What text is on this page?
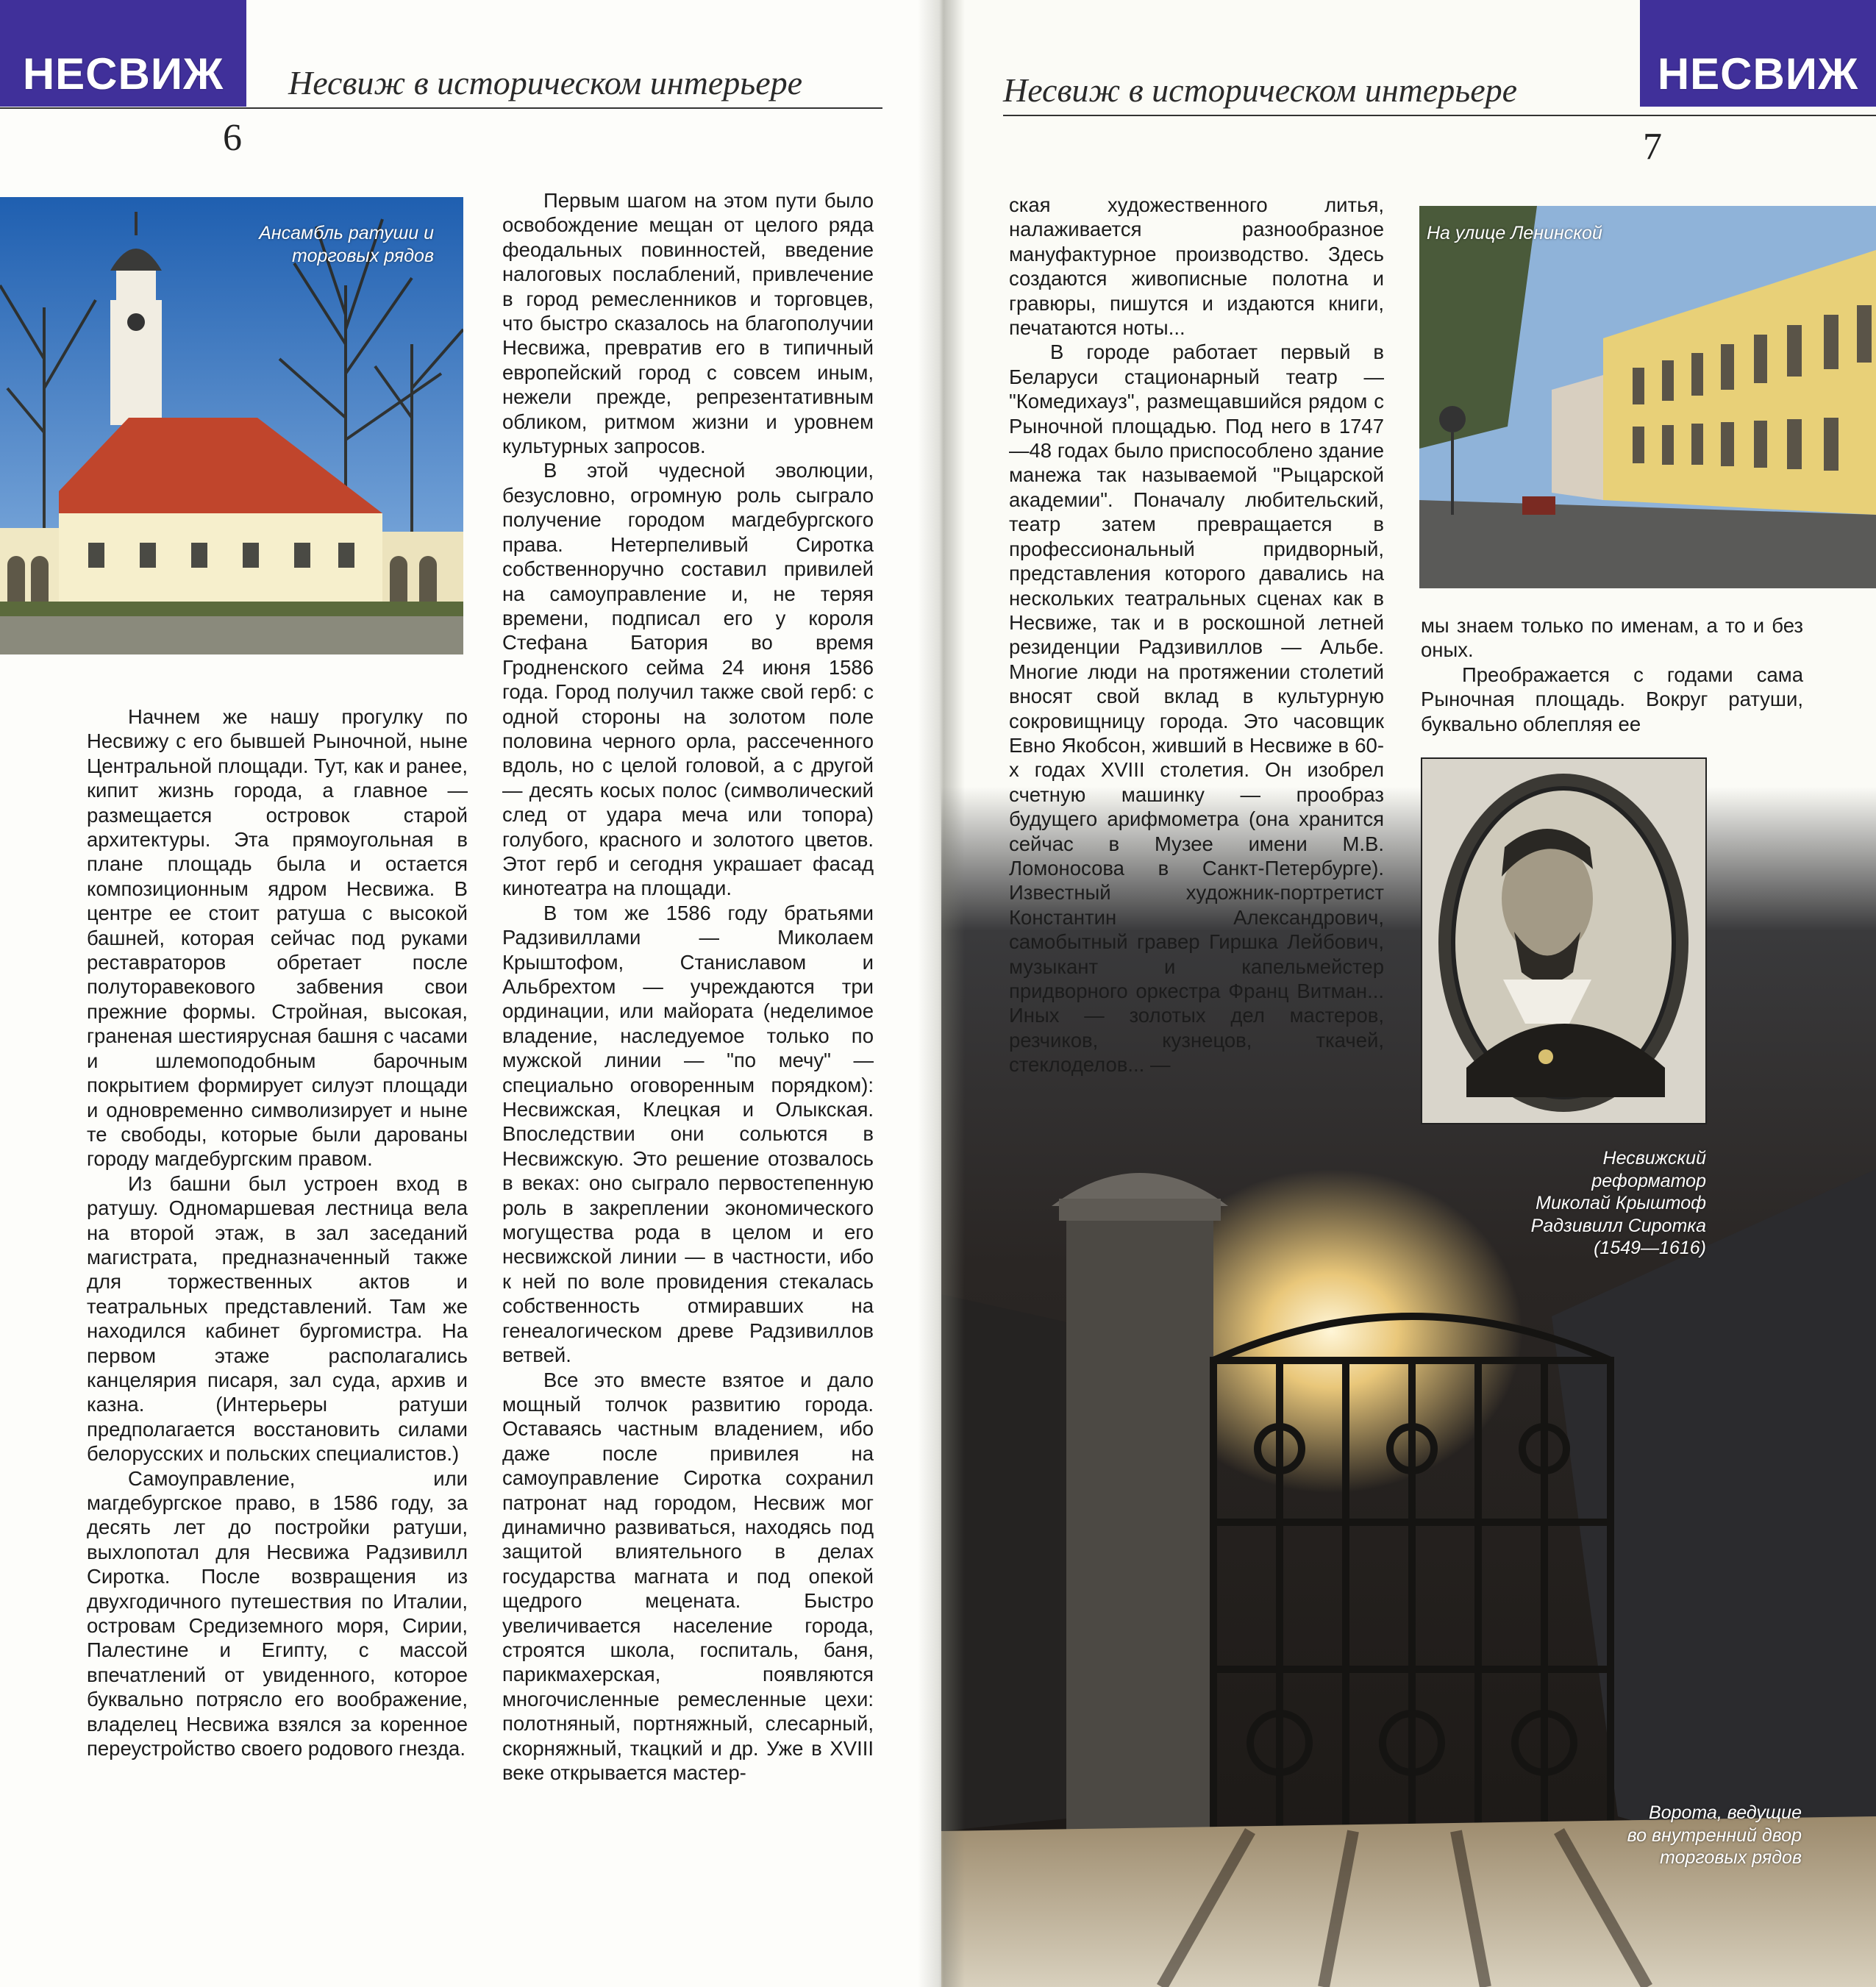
НЕСВИЖ Несвиж в историческом интерьере
6
Ансамбль ратуши и торговых рядов

Начнем же нашу прогулку по Несвижу с его бывшей Рыночной, ныне Центральной площади. Тут, как и ранее, кипит жизнь города, а главное — размещается островок старой архитектуры. Эта прямоугольная в плане площадь была и остается композиционным ядром Несвижа. В центре ее стоит ратуша с высокой башней, которая сейчас под руками реставраторов обретает после полуторавекового забвения свои прежние формы. Стройная, высокая, граненая шестиярусная башня с часами и шлемоподобным барочным покрытием формирует силуэт площади и одновременно символизирует и ныне те свободы, которые были дарованы городу магдебургским правом.

Из башни был устроен вход в ратушу. Одномаршевая лестница вела на второй этаж, в зал заседаний магистрата, предназначенный также для торжественных актов и театральных представлений. Там же находился кабинет бургомистра. На первом этаже располагались канцелярия писаря, зал суда, архив и казна. (Интерьеры ратуши предполагается восстановить силами белорусских и польских специалистов.)

Самоуправление, или магдебургское право, в 1586 году, за десять лет до постройки ратуши, выхлопотал для Несвижа Радзивилл Сиротка. После возвращения из двухгодичного путешествия по Италии, островам Средиземного моря, Сирии, Палестине и Египту, с массой впечатлений от увиденного, которое буквально потрясло его воображение, владелец Несвижа взялся за коренное переустройство своего родового гнезда.

Первым шагом на этом пути было освобождение мещан от целого ряда феодальных повинностей, введение налоговых послаблений, привлечение в город ремесленников и торговцев, что быстро сказалось на благополучии Несвижа, превратив его в типичный европейский город с совсем иным, нежели прежде, репрезентативным обликом, ритмом жизни и уровнем культурных запросов.

В этой чудесной эволюции, безусловно, огромную роль сыграло получение городом магдебургского права. Нетерпеливый Сиротка собственноручно составил привилей на самоуправление и, не теряя времени, подписал его у короля Стефана Батория во время Гродненского сейма 24 июня 1586 года. Город получил также свой герб: с одной стороны на золотом поле половина черного орла, рассеченного вдоль, но с целой головой, а с другой — десять косых полос (символический след от удара меча или топора) голубого, красного и золотого цветов. Этот герб и сегодня украшает фасад кинотеатра на площади.

В том же 1586 году братьями Радзивиллами — Миколаем Крыштофом, Станиславом и Альбрехтом — учреждаются три ординации, или майората (неделимое владение, наследуемое только по мужской линии — "по мечу" — специально оговоренным порядком): Несвижская, Клецкая и Олыкская. Впоследствии они сольются в Несвижскую. Это решение отозвалось в веках: оно сыграло первостепенную роль в закреплении экономического могущества рода в целом и его несвижской линии — в частности, ибо к ней по воле провидения стекалась собственность отмиравших на генеалогическом древе Радзивиллов ветвей.

Все это вместе взятое и дало мощный толчок развитию города. Оставаясь частным владением, ибо даже после привилея на самоуправление Сиротка сохранил патронат над городом, Несвиж мог динамично развиваться, находясь под защитой влиятельного в делах государства магната и под опекой щедрого мецената. Быстро увеличивается население города, строятся школа, госпиталь, баня, парикмахерская, появляются многочисленные ремесленные цехи: полотняный, портняжный, слесарный, скорняжный, ткацкий и др. Уже в XVIII веке открывается мастер-

НЕСВИЖ
Несвиж в историческом интерьере
7
На улице Ленинской

ская художественного литья, налаживается разнообразное мануфактурное производство. Здесь создаются живописные полотна и гравюры, пишутся и издаются книги, печатаются ноты...

В городе работает первый в Беларуси стационарный театр — "Комедихауз", размещавшийся рядом с Рыночной площадью. Под него в 1747—48 годах было приспособлено здание манежа так называемой "Рыцарской академии". Поначалу любительский, театр затем превращается в профессиональный придворный, представления которого давались на нескольких театральных сценах как в Несвиже, так и в роскошной летней резиденции Радзивиллов — Альбе. Многие люди на протяжении столетий вносят свой вклад в культурную сокровищницу города. Это часовщик Евно Якобсон, живший в Несвиже в 60-х годах XVIII столетия. Он изобрел счетную машинку — прообраз будущего арифмометра (она хранится сейчас в Музее имени М.В. Ломоносова в Санкт-Петербурге). Известный художник-портретист Константин Александрович, самобытный гравер Гиршка Лейбович, музыкант и капельмейстер придворного оркестра Франц Витман... Иных — золотых дел мастеров, резчиков, кузнецов, ткачей, стеклоделов... —

мы знаем только по именам, а то и без оных.

Преображается с годами сама Рыночная площадь. Вокруг ратуши, буквально облепляя ее

Несвижский
реформатор
Миколай Крыштоф
Радзивилл Сиротка
(1549—1616)
Ворота, ведущие
во внутренний двор
торговых рядов
